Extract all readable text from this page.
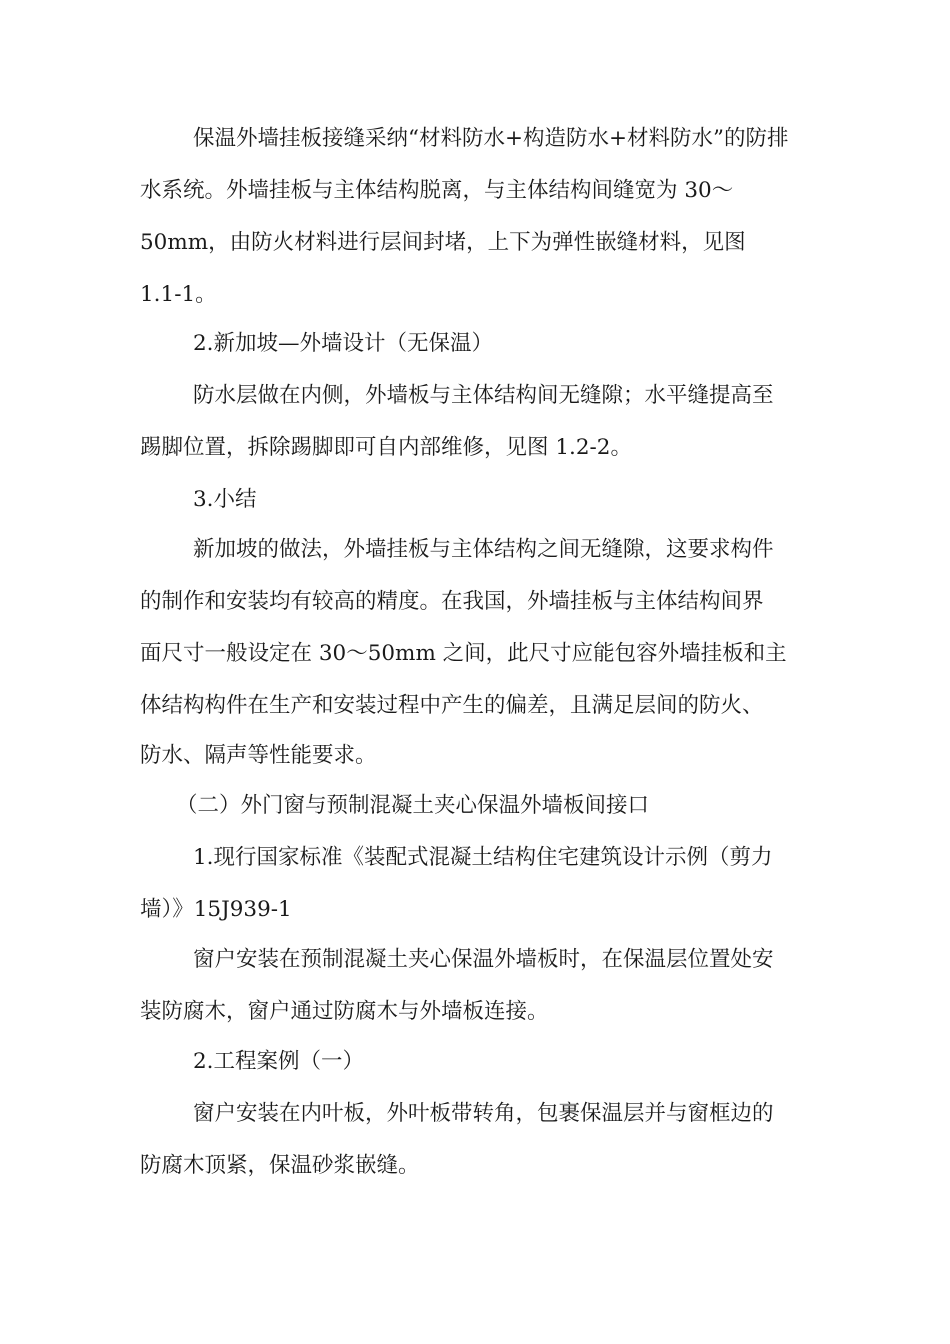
保温外墙挂板接缝采纳“材料防水+构造防水+材料防水”的防排
水系统。外墙挂板与主体结构脱离，与主体结构间缝宽为 30～
50mm，由防火材料进行层间封堵，上下为弹性嵌缝材料，见图
1.1-1。
2.新加坡—外墙设计（无保温）
防水层做在内侧，外墙板与主体结构间无缝隙；水平缝提高至
踢脚位置，拆除踢脚即可自内部维修，见图 1.2-2。
3.小结
新加坡的做法，外墙挂板与主体结构之间无缝隙，这要求构件
的制作和安装均有较高的精度。在我国，外墙挂板与主体结构间界
面尺寸一般设定在 30～50mm 之间，此尺寸应能包容外墙挂板和主
体结构构件在生产和安装过程中产生的偏差，且满足层间的防火、
防水、隔声等性能要求。
（二）外门窗与预制混凝土夹心保温外墙板间接口
1.现行国家标准《装配式混凝土结构住宅建筑设计示例（剪力
墙）》15J939-1
窗户安装在预制混凝土夹心保温外墙板时，在保温层位置处安
装防腐木，窗户通过防腐木与外墙板连接。
2.工程案例（一）
窗户安装在内叶板，外叶板带转角，包裹保温层并与窗框边的
防腐木顶紧，保温砂浆嵌缝。
